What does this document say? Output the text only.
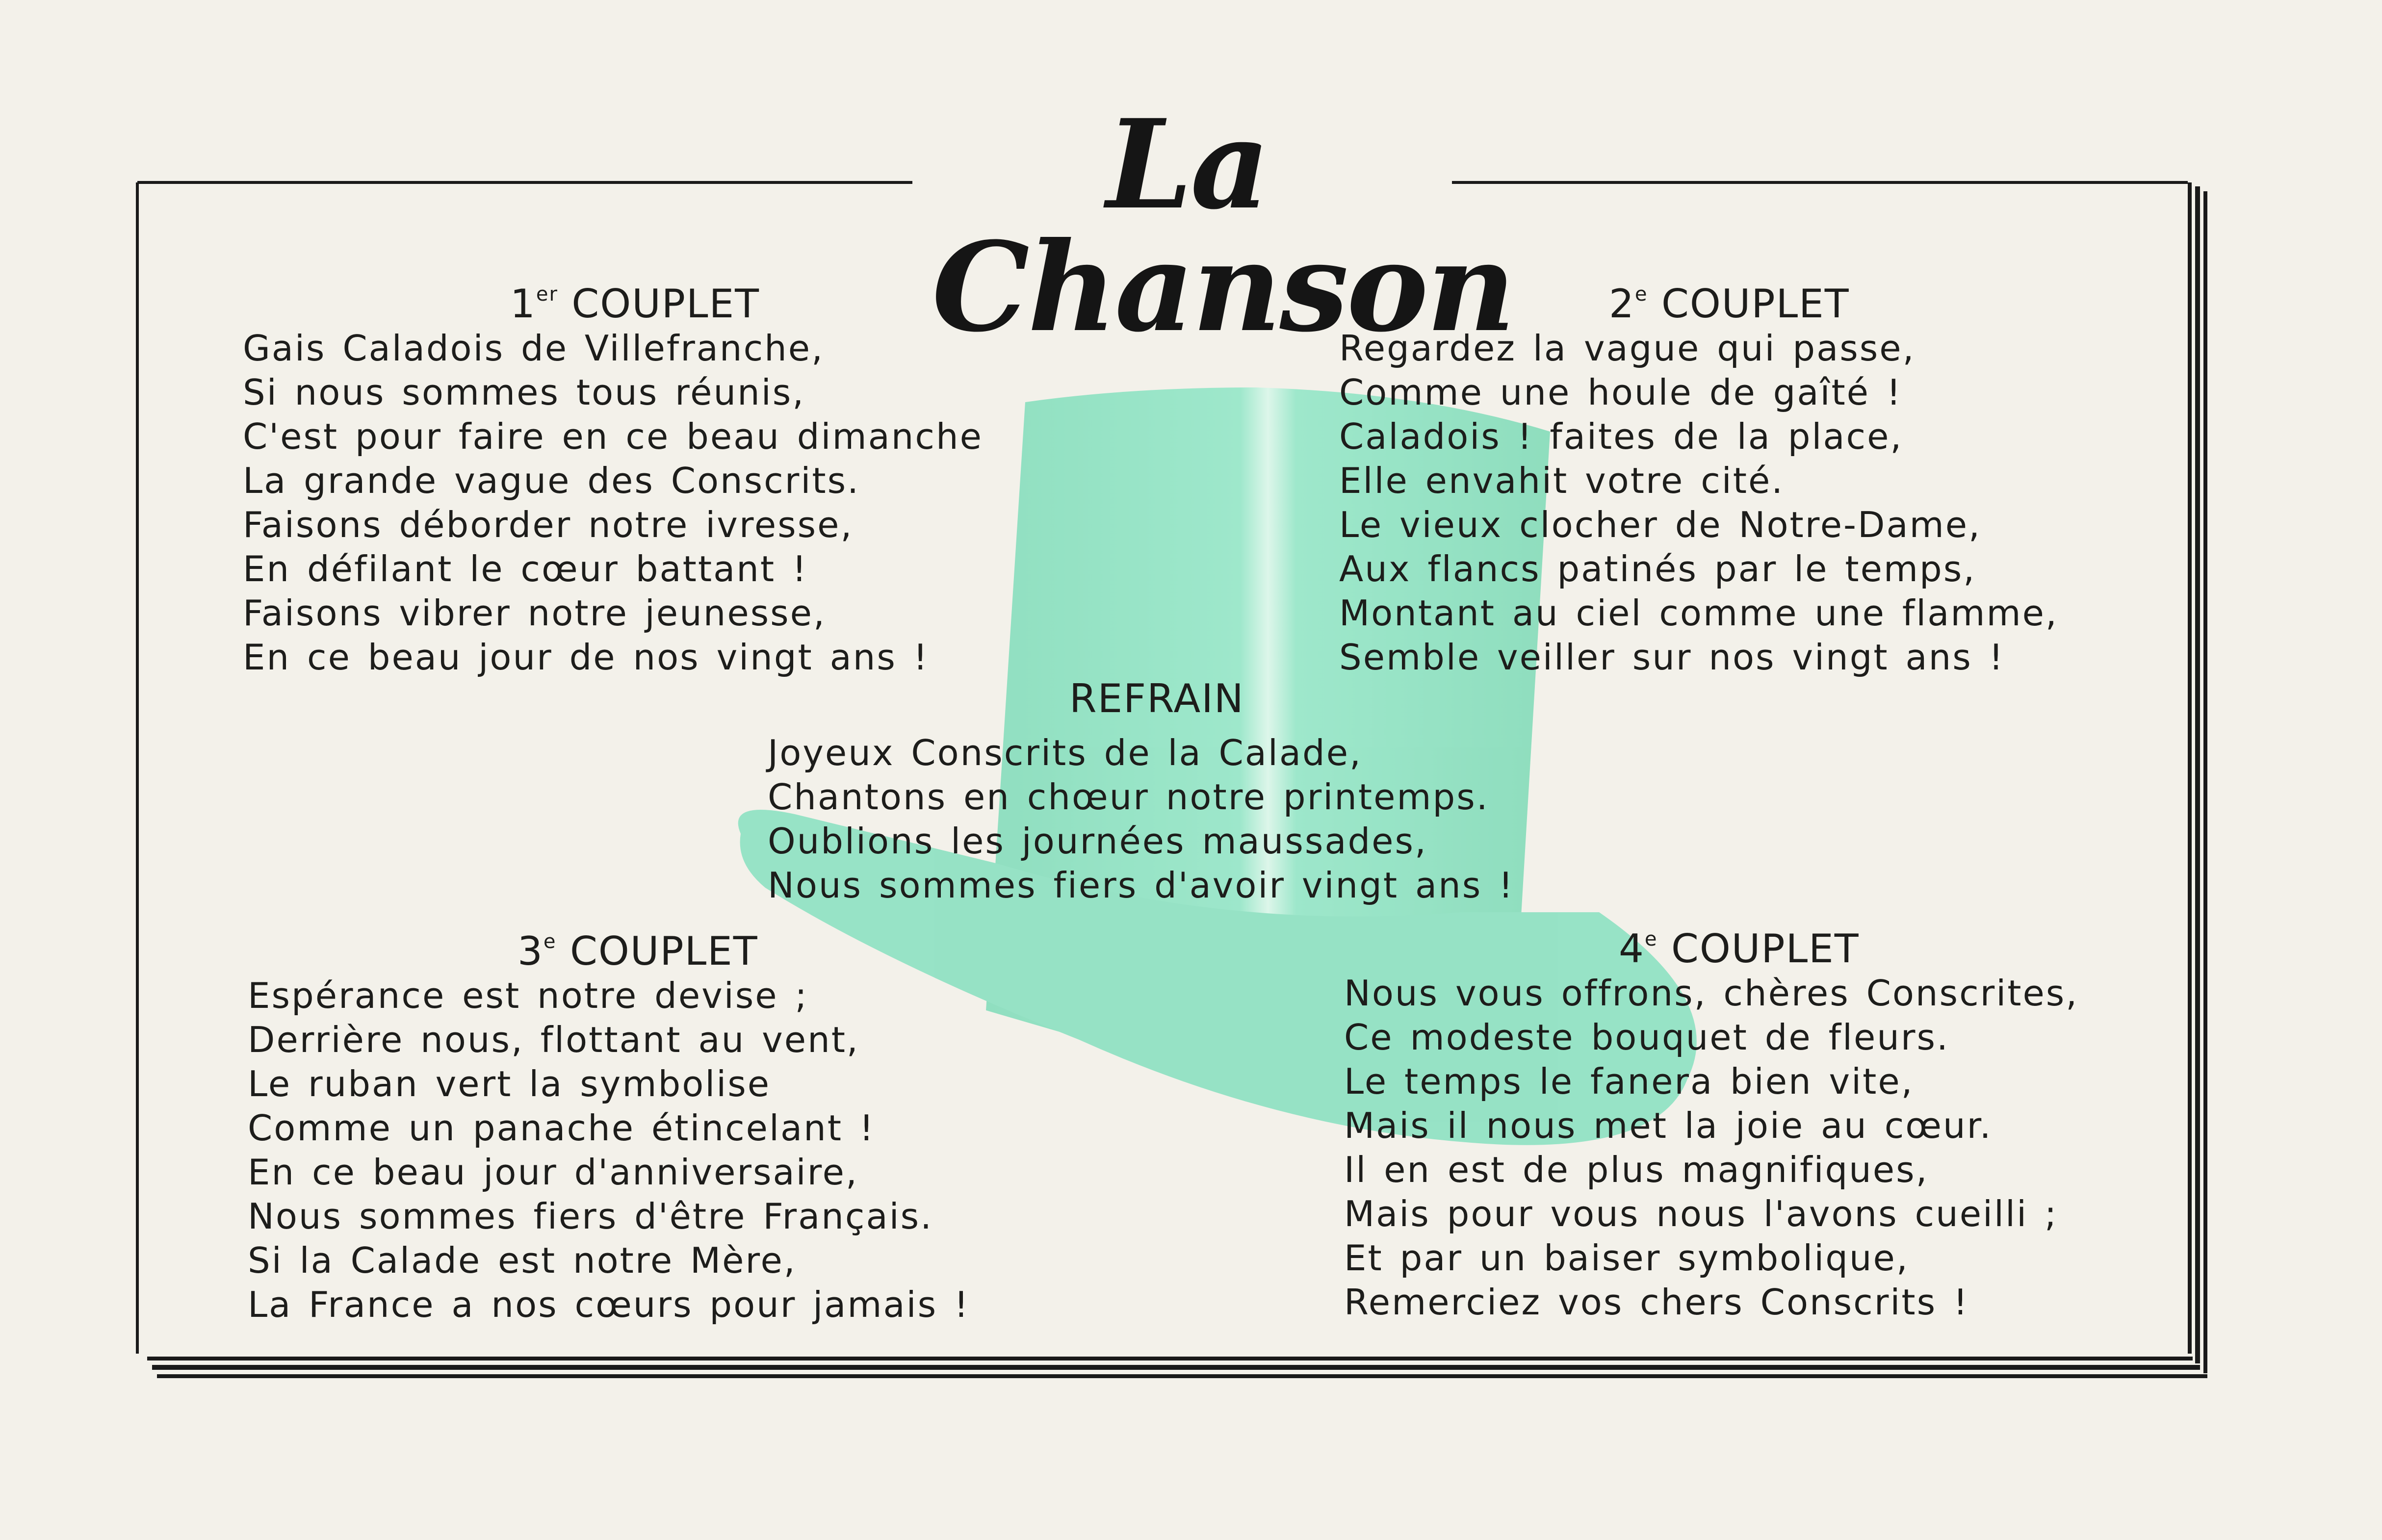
La Chanson
1er COUPLET
Gais Caladois de Villefranche,
Si nous sommes tous réunis,
C'est pour faire en ce beau dimanche
La grande vague des Conscrits.
Faisons déborder notre ivresse,
En défilant le cœur battant !
Faisons vibrer notre jeunesse,
En ce beau jour de nos vingt ans !
2e COUPLET
Regardez la vague qui passe,
Comme une houle de gaîté !
Caladois ! faites de la place,
Elle envahit votre cité.
Le vieux clocher de Notre-Dame,
Aux flancs patinés par le temps,
Montant au ciel comme une flamme,
Semble veiller sur nos vingt ans !
REFRAIN
Joyeux Conscrits de la Calade,
Chantons en chœur notre printemps.
Oublions les journées maussades,
Nous sommes fiers d'avoir vingt ans !
3e COUPLET
Espérance est notre devise ;
Derrière nous, flottant au vent,
Le ruban vert la symbolise
Comme un panache étincelant !
En ce beau jour d'anniversaire,
Nous sommes fiers d'être Français.
Si la Calade est notre Mère,
La France a nos cœurs pour jamais !
4e COUPLET
Nous vous offrons, chères Conscrites,
Ce modeste bouquet de fleurs.
Le temps le fanera bien vite,
Mais il nous met la joie au cœur.
Il en est de plus magnifiques,
Mais pour vous nous l'avons cueilli ;
Et par un baiser symbolique,
Remerciez vos chers Conscrits !
